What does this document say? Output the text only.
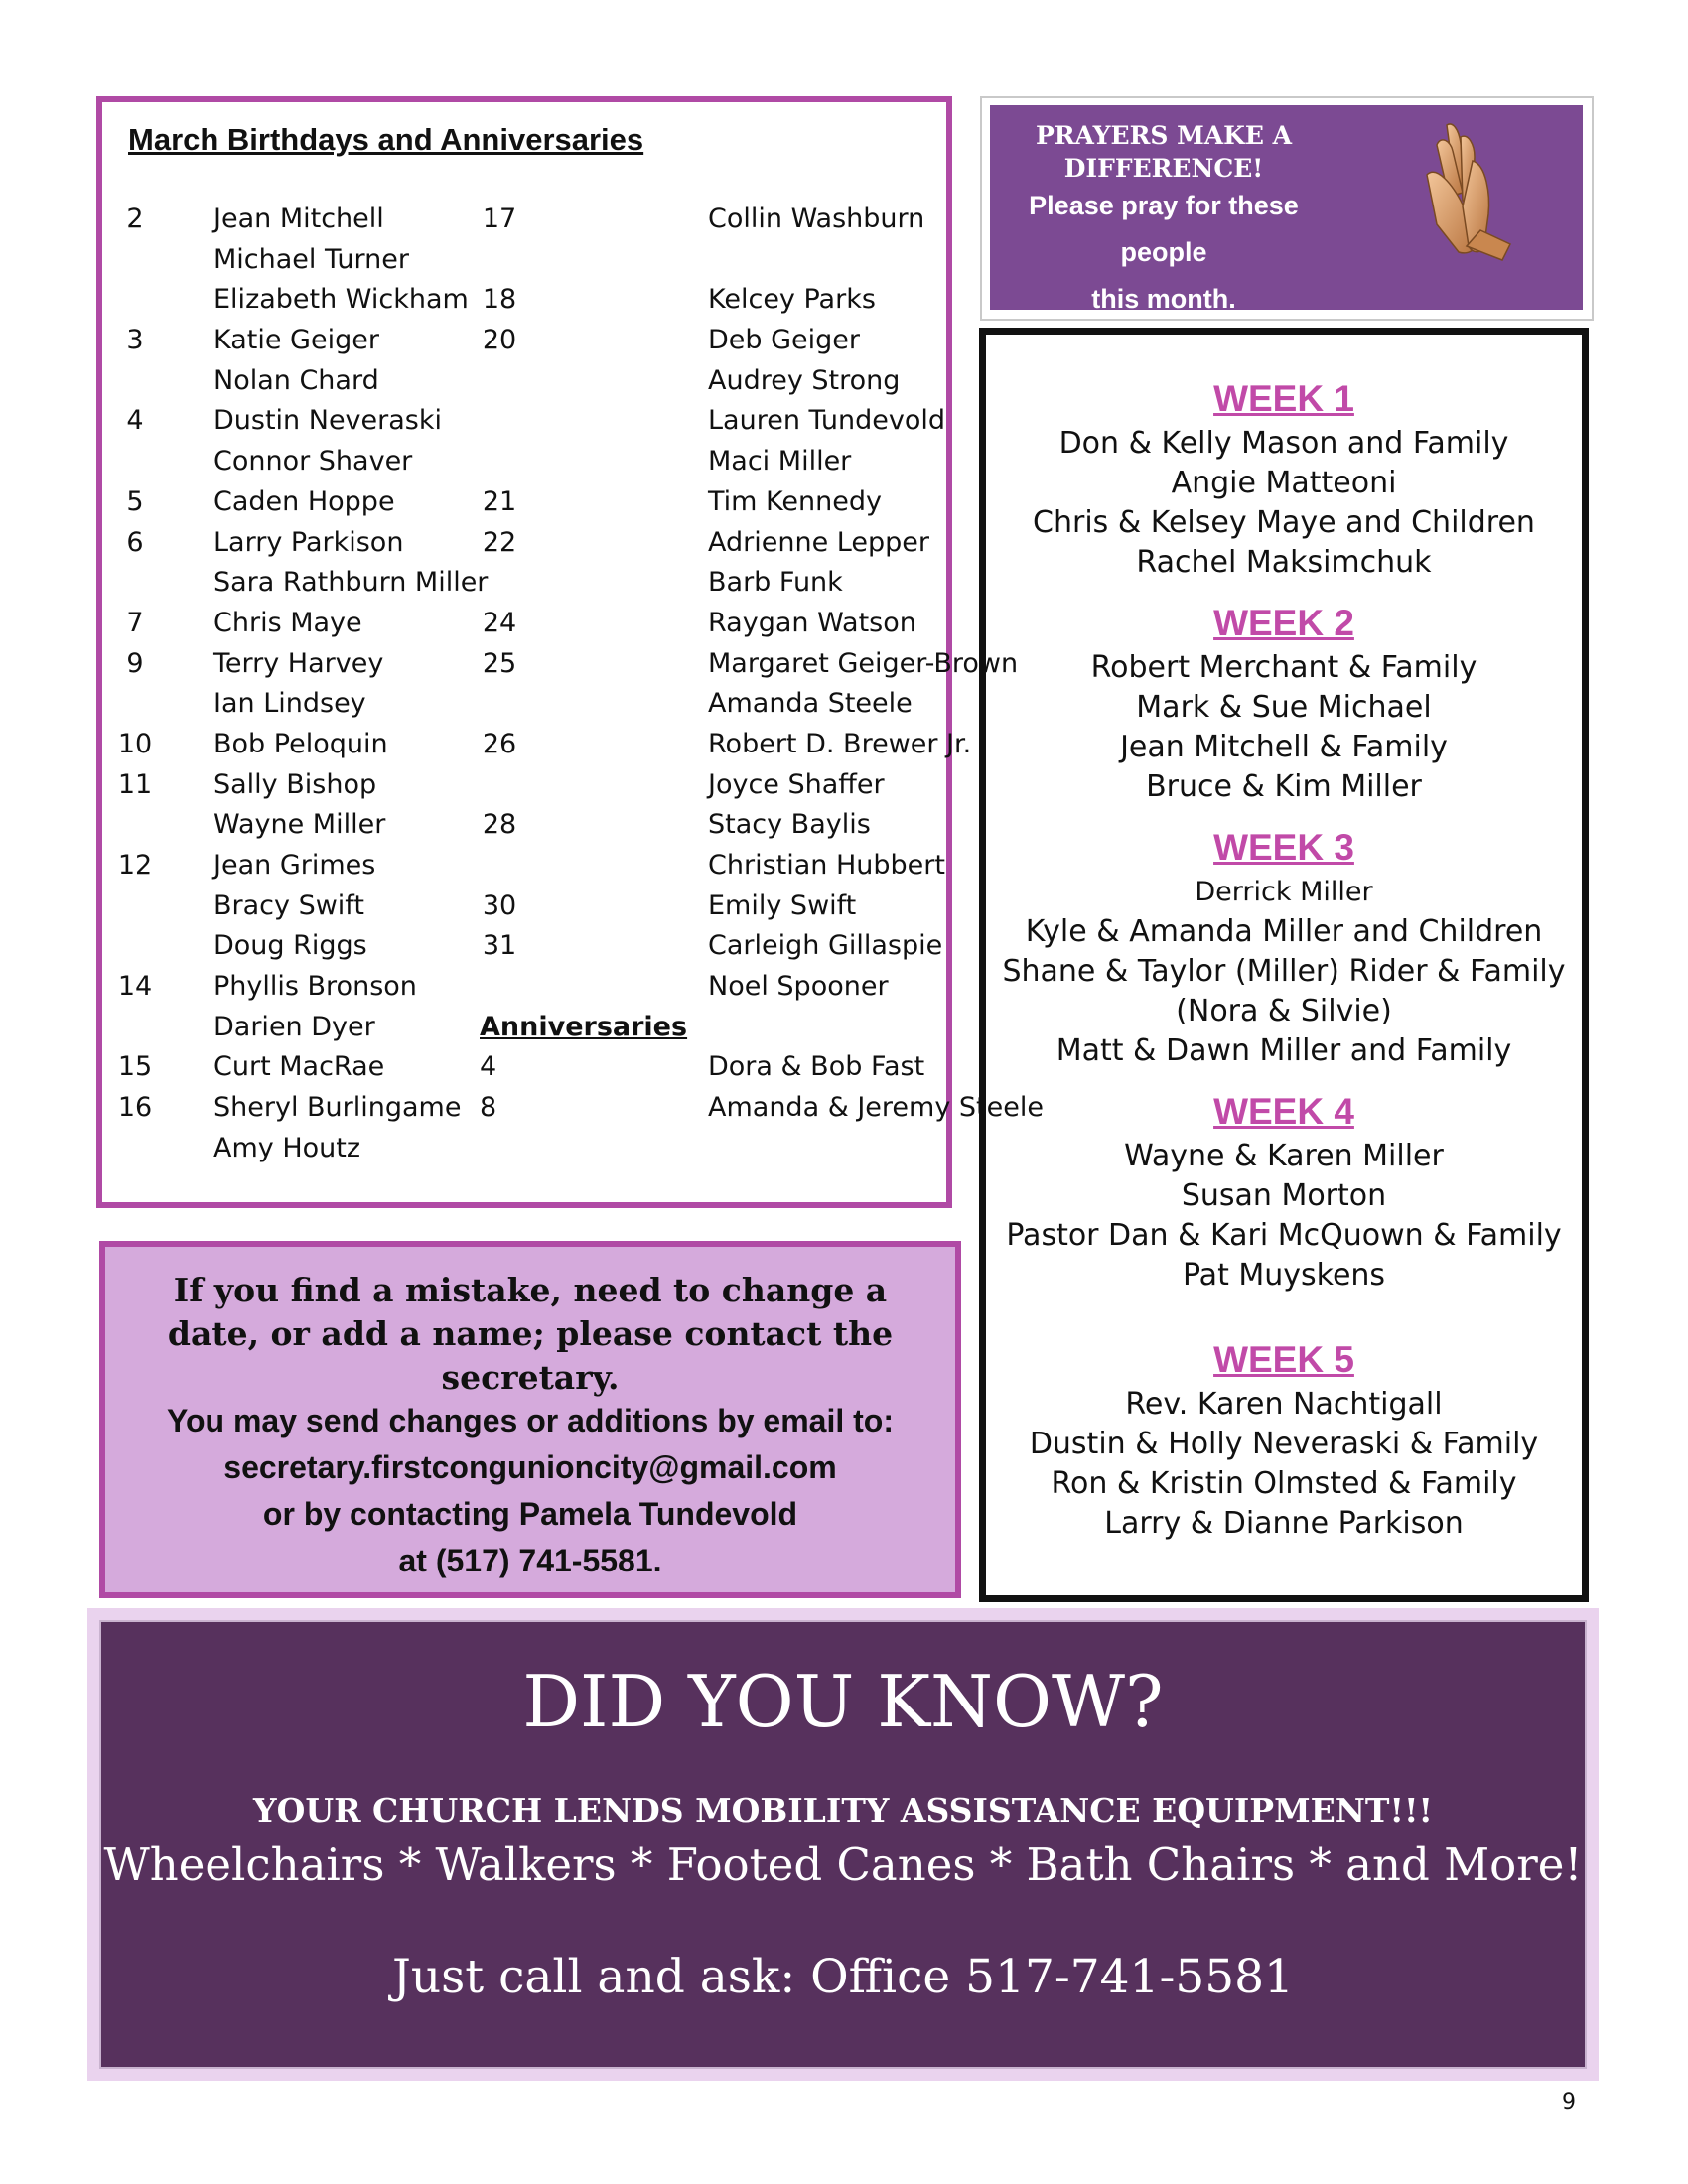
March Birthdays and Anniversaries
2	Jean Mitchell
Michael Turner
Elizabeth Wickham
3	Katie Geiger
Nolan Chard
4	Dustin Neveraski
Connor Shaver
5	Caden Hoppe
6	Larry Parkison
Sara Rathburn Miller
7	Chris Maye
9	Terry Harvey
Ian Lindsey
10	Bob Peloquin
11	Sally Bishop
Wayne Miller
12	Jean Grimes
Bracy Swift
Doug Riggs
14	Phyllis Bronson
Darien Dyer
15	Curt MacRae
16	Sheryl Burlingame
Amy Houtz
17	Collin Washburn
18	Kelcey Parks
20	Deb Geiger
Audrey Strong
Lauren Tundevold
Maci Miller
21	Tim Kennedy
22	Adrienne Lepper
Barb Funk
24	Raygan Watson
25	Margaret Geiger-Brown
Amanda Steele
26	Robert D. Brewer Jr.
Joyce Shaffer
28	Stacy Baylis
Christian Hubbert
30	Emily Swift
31	Carleigh Gillaspie
Noel Spooner
Anniversaries
4	Dora & Bob Fast
8	Amanda & Jeremy Steele
If you find a mistake, need to change a date, or add a name; please contact the secretary.
You may send changes or additions by email to:
secretary.firstcongunioncity@gmail.com
or by contacting Pamela Tundevold
at (517) 741-5581.
PRAYERS MAKE A
DIFFERENCE!
Please pray for these people
this month.
WEEK 1
Don & Kelly Mason and Family
Angie Matteoni
Chris & Kelsey Maye and Children
Rachel Maksimchuk
WEEK 2
Robert Merchant & Family
Mark & Sue Michael
Jean Mitchell & Family
Bruce & Kim Miller
WEEK 3
Derrick Miller
Kyle & Amanda Miller and Children
Shane & Taylor (Miller) Rider & Family
(Nora & Silvie)
Matt & Dawn Miller and Family
WEEK 4
Wayne & Karen Miller
Susan Morton
Pastor Dan & Kari McQuown & Family
Pat Muyskens
WEEK 5
Rev. Karen Nachtigall
Dustin & Holly Neveraski & Family
Ron & Kristin Olmsted & Family
Larry & Dianne Parkison
DID YOU KNOW?
YOUR CHURCH LENDS MOBILITY ASSISTANCE EQUIPMENT!!!
Wheelchairs * Walkers * Footed Canes * Bath Chairs * and More!
Just call and ask: Office 517-741-5581
9
